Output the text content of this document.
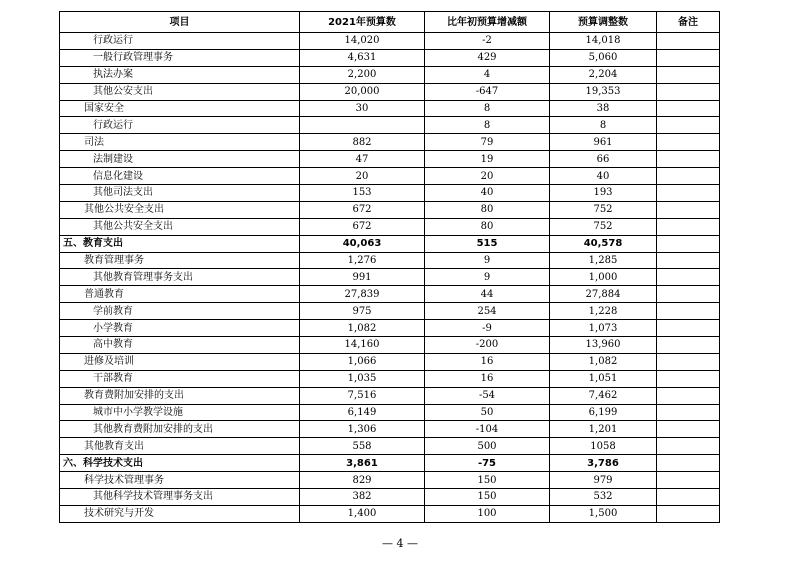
项目	2021年预算数	比年初预算增减额	预算调整数	备注
行政运行	14,020	-2	14,018	
一般行政管理事务	4,631	429	5,060	
执法办案	2,200	4	2,204	
其他公安支出	20,000	-647	19,353	
国家安全	30	8	38	
行政运行		8	8	
司法	882	79	961	
法制建设	47	19	66	
信息化建设	20	20	40	
其他司法支出	153	40	193	
其他公共安全支出	672	80	752	
其他公共安全支出	672	80	752	
五、教育支出	40,063	515	40,578	
教育管理事务	1,276	9	1,285	
其他教育管理事务支出	991	9	1,000	
普通教育	27,839	44	27,884	
学前教育	975	254	1,228	
小学教育	1,082	-9	1,073	
高中教育	14,160	-200	13,960	
进修及培训	1,066	16	1,082	
干部教育	1,035	16	1,051	
教育费附加安排的支出	7,516	-54	7,462	
城市中小学教学设施	6,149	50	6,199	
其他教育费附加安排的支出	1,306	-104	1,201	
其他教育支出	558	500	1058	
六、科学技术支出	3,861	-75	3,786	
科学技术管理事务	829	150	979	
其他科学技术管理事务支出	382	150	532	
技术研究与开发	1,400	100	1,500	
— 4 —
